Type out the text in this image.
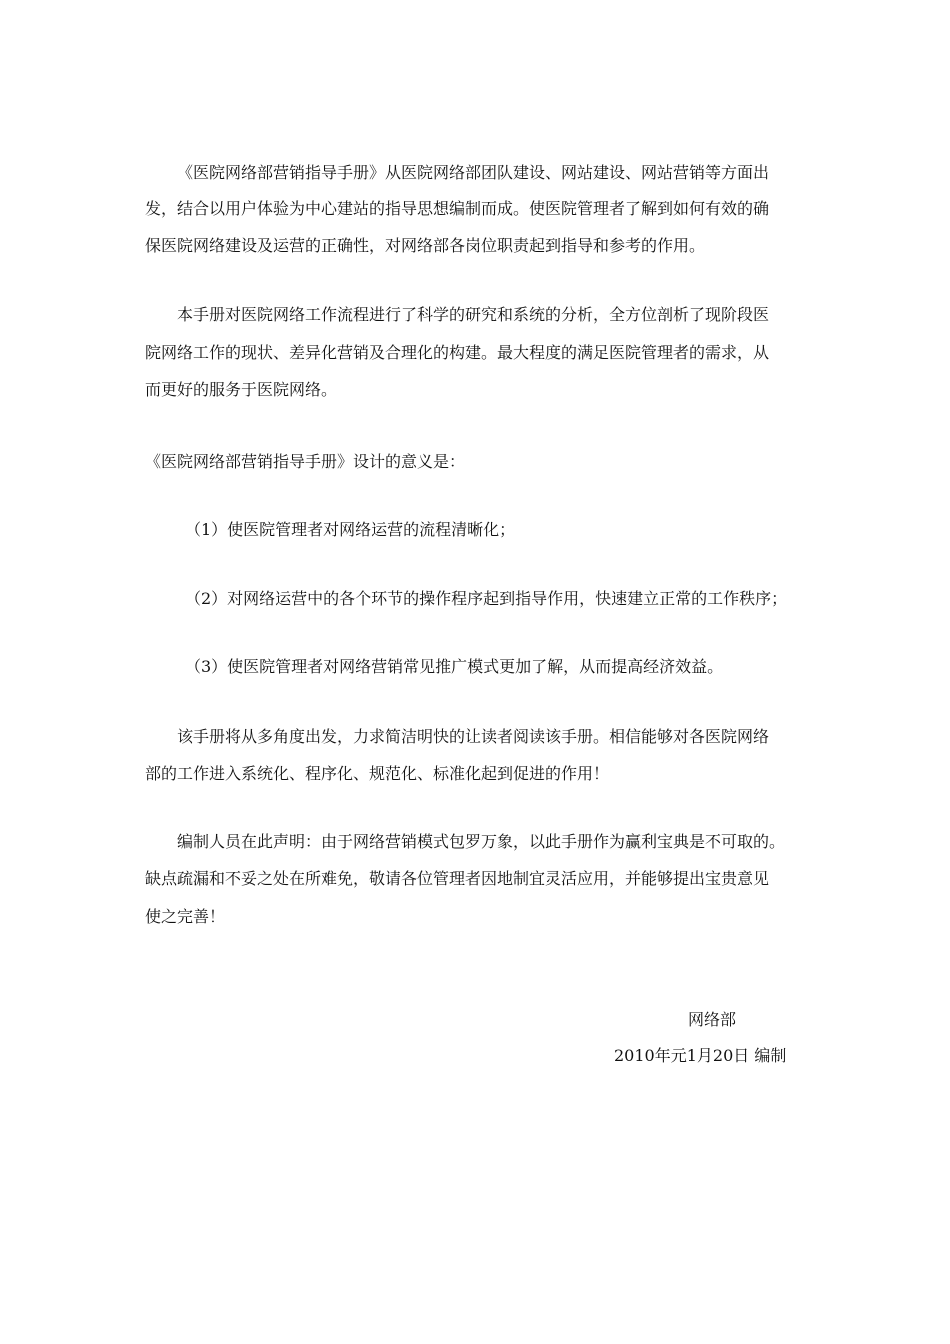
《医院网络部营销指导手册》从医院网络部团队建设、网站建设、网站营销等方面出
发，结合以用户体验为中心建站的指导思想编制而成。使医院管理者了解到如何有效的确
保医院网络建设及运营的正确性，对网络部各岗位职责起到指导和参考的作用。
本手册对医院网络工作流程进行了科学的研究和系统的分析，全方位剖析了现阶段医
院网络工作的现状、差异化营销及合理化的构建。最大程度的满足医院管理者的需求，从
而更好的服务于医院网络。
《医院网络部营销指导手册》设计的意义是：
（1）使医院管理者对网络运营的流程清晰化；
（2）对网络运营中的各个环节的操作程序起到指导作用，快速建立正常的工作秩序；
（3）使医院管理者对网络营销常见推广模式更加了解，从而提高经济效益。
该手册将从多角度出发，力求简洁明快的让读者阅读该手册。相信能够对各医院网络
部的工作进入系统化、程序化、规范化、标准化起到促进的作用！
编制人员在此声明：由于网络营销模式包罗万象，以此手册作为赢利宝典是不可取的。
缺点疏漏和不妥之处在所难免，敬请各位管理者因地制宜灵活应用，并能够提出宝贵意见
使之完善！
网络部
2010年元1月20日 编制
